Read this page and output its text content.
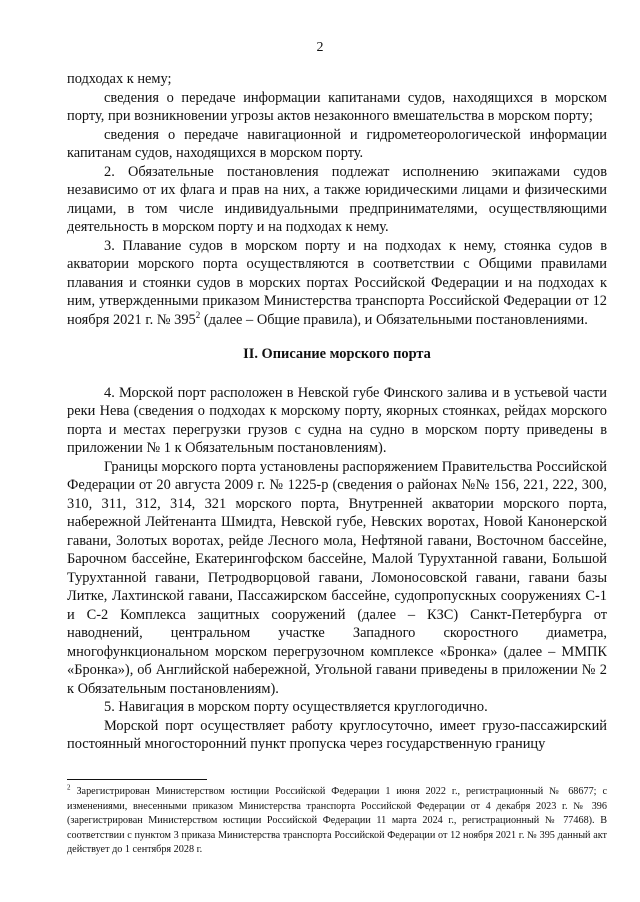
2

подходах к нему;

сведения о передаче информации капитанами судов, находящихся в морском порту, при возникновении угрозы актов незаконного вмешательства в морском порту;

сведения о передаче навигационной и гидрометеорологической информации капитанам судов, находящихся в морском порту.

2. Обязательные постановления подлежат исполнению экипажами судов независимо от их флага и прав на них, а также юридическими лицами и физическими лицами, в том числе индивидуальными предпринимателями, осуществляющими деятельность в морском порту и на подходах к нему.

3. Плавание судов в морском порту и на подходах к нему, стоянка судов в акватории морского порта осуществляются в соответствии с Общими правилами плавания и стоянки судов в морских портах Российской Федерации и на подходах к ним, утвержденными приказом Министерства транспорта Российской Федерации от 12 ноября 2021 г. № $395^2$ (далее – Общие правила), и Обязательными постановлениями.

II. Описание морского порта

4. Морской порт расположен в Невской губе Финского залива и в устьевой части реки Нева (сведения о подходах к морскому порту, якорных стоянках, рейдах морского порта и местах перегрузки грузов с судна на судно в морском порту приведены в приложении № 1 к Обязательным постановлениям).

Границы морского порта установлены распоряжением Правительства Российской Федерации от 20 августа 2009 г. № 1225-р (сведения о районах №№ 156, 221, 222, 300, 310, 311, 312, 314, 321 морского порта, Внутренней акватории морского порта, набережной Лейтенанта Шмидта, Невской губе, Невских воротах, Новой Канонерской гавани, Золотых воротах, рейде Лесного мола, Нефтяной гавани, Восточном бассейне, Барочном бассейне, Екатерингофском бассейне, Малой Турухтанной гавани, Большой Турухтанной гавани, Петродворцовой гавани, Ломоносовской гавани, гавани базы Литке, Лахтинской гавани, Пассажирском бассейне, судопропускных сооружениях С-1 и С-2 Комплекса защитных сооружений (далее – КЗС) Санкт-Петербурга от наводнений, центральном участке Западного скоростного диаметра, многофункциональном морском перегрузочном комплексе «Бронка» (далее – ММПК «Бронка»), об Английской набережной, Угольной гавани приведены в приложении № 2 к Обязательным постановлениям).

5. Навигация в морском порту осуществляется круглогодично.

Морской порт осуществляет работу круглосуточно, имеет грузо-пассажирский постоянный многосторонний пункт пропуска через государственную границу

$^2$ Зарегистрирован Министерством юстиции Российской Федерации 1 июня 2022 г., регистрационный № 68677; с изменениями, внесенными приказом Министерства транспорта Российской Федерации от 4 декабря 2023 г. № 396 (зарегистрирован Министерством юстиции Российской Федерации 11 марта 2024 г., регистрационный № 77468). В соответствии с пунктом 3 приказа Министерства транспорта Российской Федерации от 12 ноября 2021 г. № 395 данный акт действует до 1 сентября 2028 г.
